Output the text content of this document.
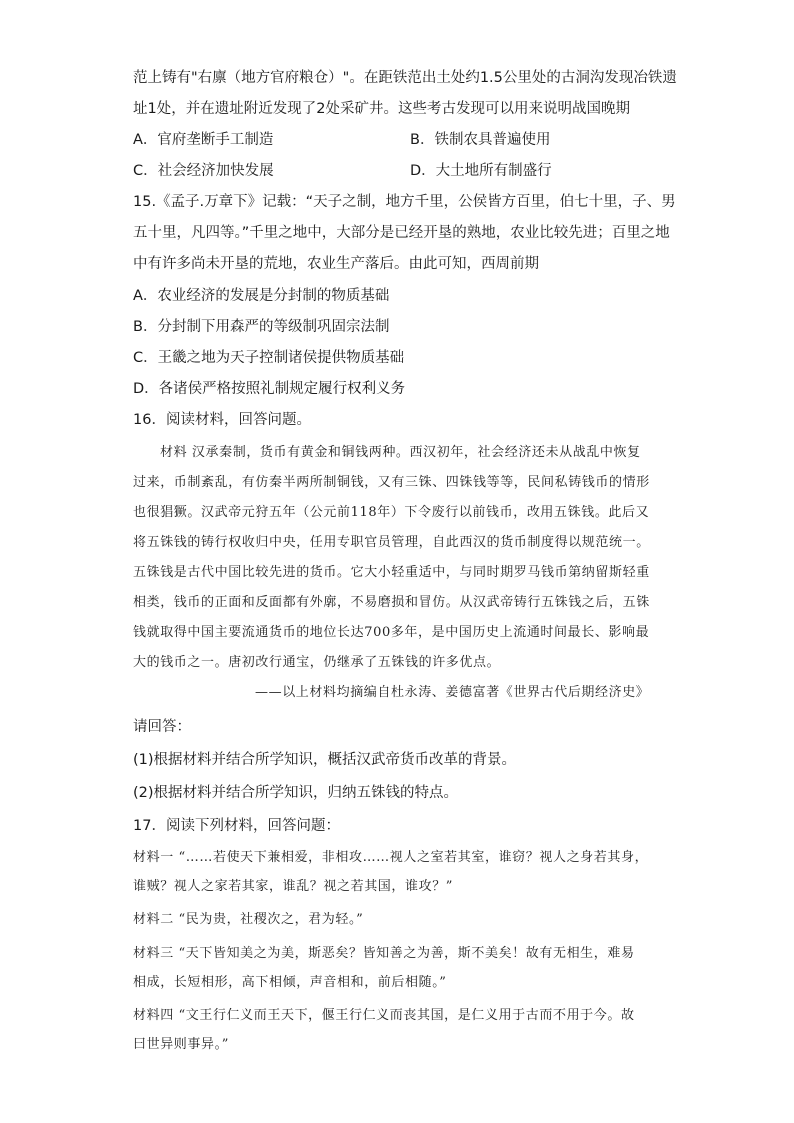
范上铸有"右廪（地方官府粮仓）"。在距铁范出土处约1.5公里处的古洞沟发现冶铁遗
址1处，并在遗址附近发现了2处采矿井。这些考古发现可以用来说明战国晚期
A．官府垄断手工制造	B．铁制农具普遍使用
C．社会经济加快发展	D．大土地所有制盛行
15.《孟子.万章下》记载：“天子之制，地方千里，公侯皆方百里，伯七十里，子、男
五十里，凡四等。”千里之地中，大部分是已经开垦的熟地，农业比较先进；百里之地
中有许多尚未开垦的荒地，农业生产落后。由此可知，西周前期
A．农业经济的发展是分封制的物质基础
B．分封制下用森严的等级制巩固宗法制
C．王畿之地为天子控制诸侯提供物质基础
D．各诸侯严格按照礼制规定履行权利义务
16．阅读材料，回答问题。
材料 汉承秦制，货币有黄金和铜钱两种。西汉初年，社会经济还未从战乱中恢复
过来，币制紊乱，有仿秦半两所制铜钱，又有三铢、四铢钱等等，民间私铸钱币的情形
也很猖獗。汉武帝元狩五年（公元前118年）下令废行以前钱币，改用五铢钱。此后又
将五铢钱的铸行权收归中央，任用专职官员管理，自此西汉的货币制度得以规范统一。
五铢钱是古代中国比较先进的货币。它大小轻重适中，与同时期罗马钱币第纳留斯轻重
相类，钱币的正面和反面都有外廓，不易磨损和冒仿。从汉武帝铸行五铢钱之后，五铢
钱就取得中国主要流通货币的地位长达700多年，是中国历史上流通时间最长、影响最
大的钱币之一。唐初改行通宝，仍继承了五铢钱的许多优点。
——以上材料均摘编自杜永涛、姜德富著《世界古代后期经济史》
请回答：
(1)根据材料并结合所学知识，概括汉武帝货币改革的背景。
(2)根据材料并结合所学知识，归纳五铢钱的特点。
17．阅读下列材料，回答问题：
材料一 “……若使天下兼相爱，非相攻……视人之室若其室，谁窃？视人之身若其身，
谁贼？视人之家若其家，谁乱？视之若其国，谁攻？”
材料二 “民为贵，社稷次之，君为轻。”
材料三 “天下皆知美之为美，斯恶矣？皆知善之为善，斯不美矣！故有无相生，难易
相成，长短相形，高下相倾，声音相和，前后相随。”
材料四 “文王行仁义而王天下，偃王行仁义而丧其国，是仁义用于古而不用于今。故
曰世异则事异。”
